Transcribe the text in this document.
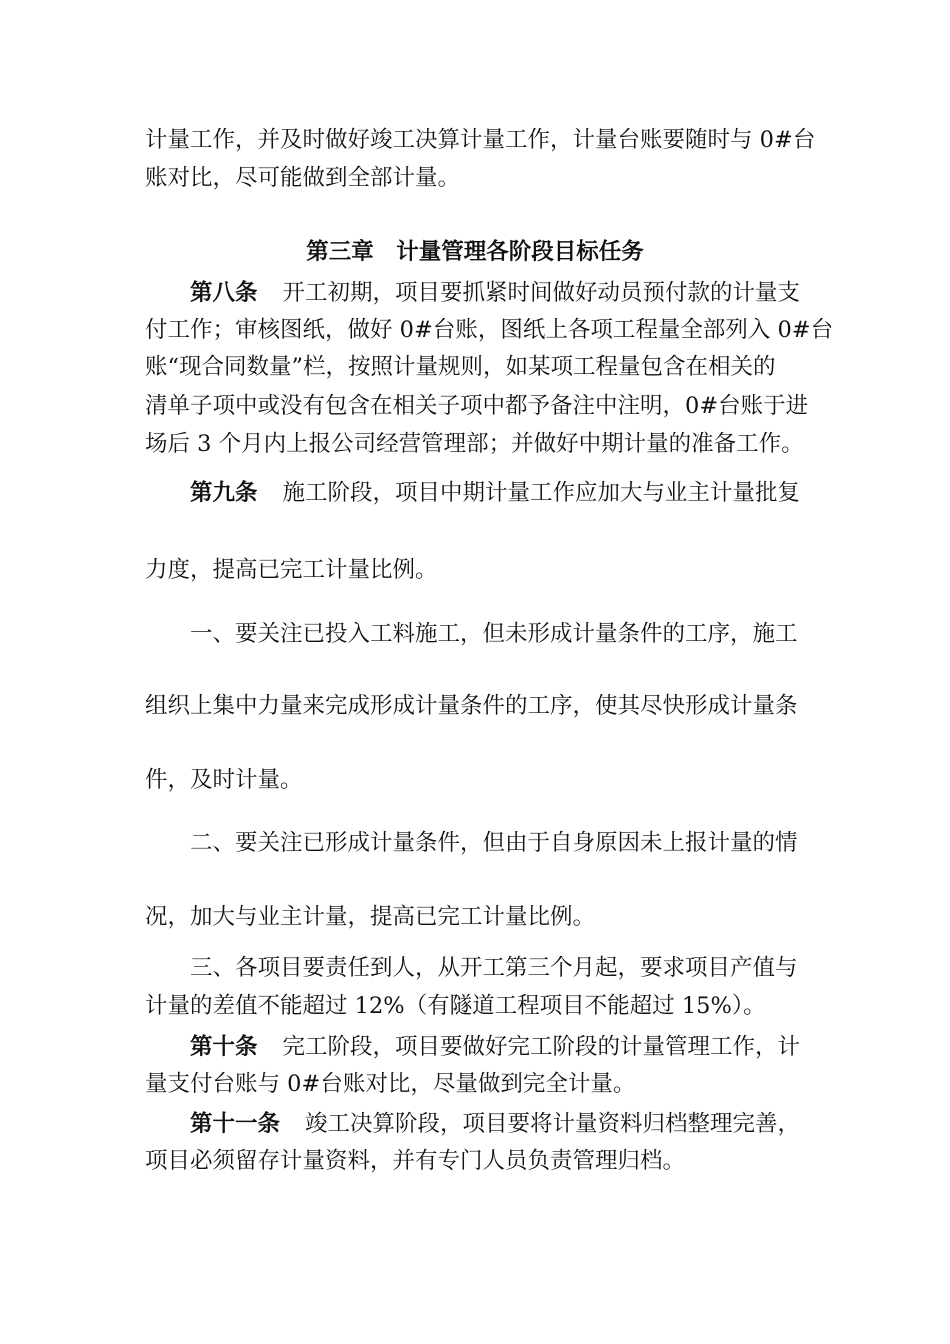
计量工作，并及时做好竣工决算计量工作，计量台账要随时与 0#台
账对比，尽可能做到全部计量。
第三章　计量管理各阶段目标任务
第八条 开工初期，项目要抓紧时间做好动员预付款的计量支
付工作；审核图纸，做好 0#台账，图纸上各项工程量全部列入 0#台
账“现合同数量”栏，按照计量规则，如某项工程量包含在相关的
清单子项中或没有包含在相关子项中都予备注中注明，0#台账于进
场后 3 个月内上报公司经营管理部；并做好中期计量的准备工作。
第九条 施工阶段，项目中期计量工作应加大与业主计量批复
力度，提高已完工计量比例。
一、要关注已投入工料施工，但未形成计量条件的工序，施工
组织上集中力量来完成形成计量条件的工序，使其尽快形成计量条
件，及时计量。
二、要关注已形成计量条件，但由于自身原因未上报计量的情
况，加大与业主计量，提高已完工计量比例。
三、各项目要责任到人，从开工第三个月起，要求项目产值与
计量的差值不能超过 12%（有隧道工程项目不能超过 15%）。
第十条 完工阶段，项目要做好完工阶段的计量管理工作，计
量支付台账与 0#台账对比，尽量做到完全计量。
第十一条 竣工决算阶段，项目要将计量资料归档整理完善，
项目必须留存计量资料，并有专门人员负责管理归档。
